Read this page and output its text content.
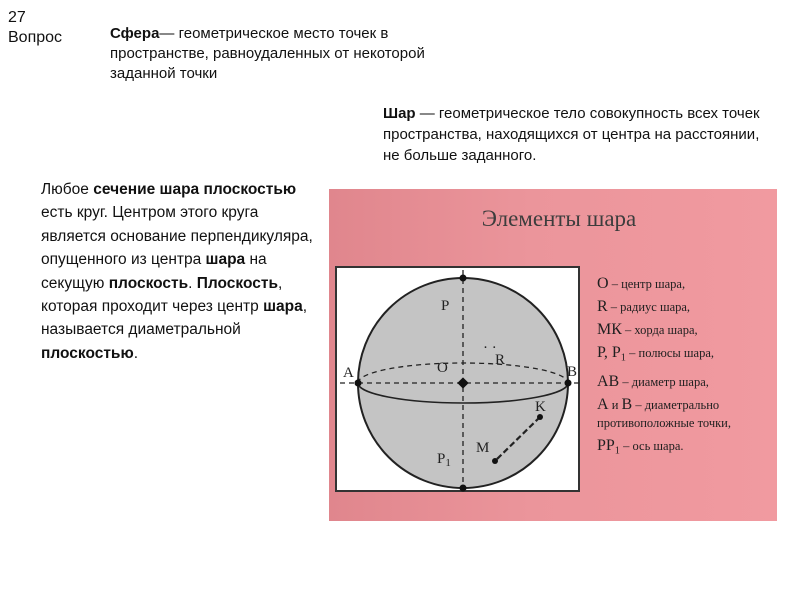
27
Вопрос	Сфера— геометрическое место точек в пространстве, равноудаленных от некоторой заданной точки
Шар — геометрическое тело совокупность всех точек пространства, находящихся от центра на расстоянии, не больше заданного.

Любое сечение шара плоскостью есть круг. Центром этого круга является основание перпендикуляра, опущенного из центра шара на секущую плоскость. Плоскость, которая проходит через центр шара, называется диаметральной плоскостью.

Элементы шара
P
O	R
· ·
A	B
K
M
$P_1$
O – центр шара,
R – радиус шара,
МК – хорда шара,
Р, $Р_1$ – полюсы шара,
АВ – диаметр шара,
А и В – диаметрально противоположные точки,
$РР_1$ – ось шара.
